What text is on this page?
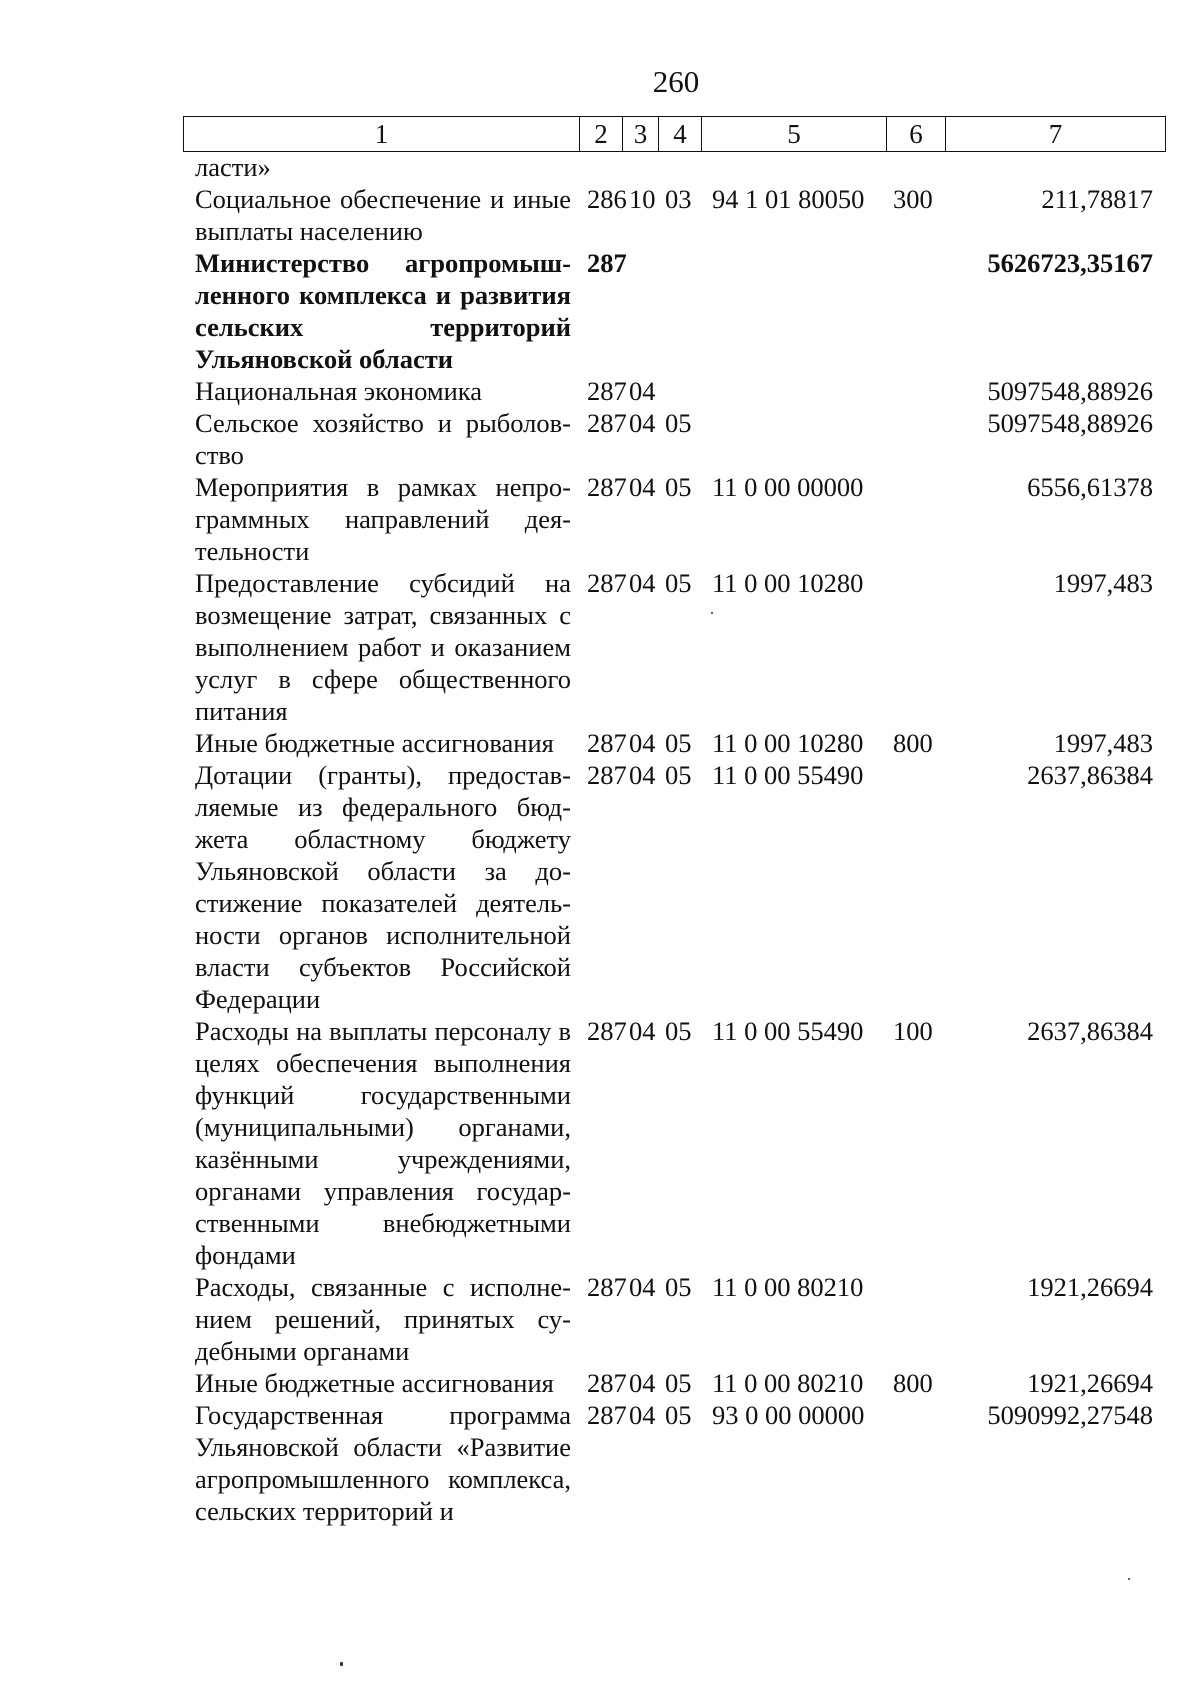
260
1	2	3	4	5	6	7
ласти»						
Социальное обеспечение и иные выплаты населению	286	10	03	94 1 01 80050	300	211,78817
Министерство агропромышленного комплекса и развития сельских территорий Ульяновской области	287					5626723,35167
Национальная экономика	287	04				5097548,88926
Сельское хозяйство и рыболовство	287	04	05			5097548,88926
Мероприятия в рамках непрограммных направлений деятельности	287	04	05	11 0 00 00000		6556,61378
Предоставление субсидий на возмещение затрат, связанных с выполнением работ и оказанием услуг в сфере общественного питания	287	04	05	11 0 00 10280		1997,483
Иные бюджетные ассигнования	287	04	05	11 0 00 10280	800	1997,483
Дотации (гранты), предоставляемые из федерального бюджета областному бюджету Ульяновской области за достижение показателей деятельности органов исполнительной власти субъектов Российской Федерации	287	04	05	11 0 00 55490		2637,86384
Расходы на выплаты персоналу в целях обеспечения выполнения функций государственными (муниципальными) органами, казёнными учреждениями, органами управления государственными внебюджетными фондами	287	04	05	11 0 00 55490	100	2637,86384
Расходы, связанные с исполнением решений, принятых судебными органами	287	04	05	11 0 00 80210		1921,26694
Иные бюджетные ассигнования	287	04	05	11 0 00 80210	800	1921,26694
Государственная программа Ульяновской области «Развитие агропромышленного комплекса, сельских территорий и	287	04	05	93 0 00 00000		5090992,27548
